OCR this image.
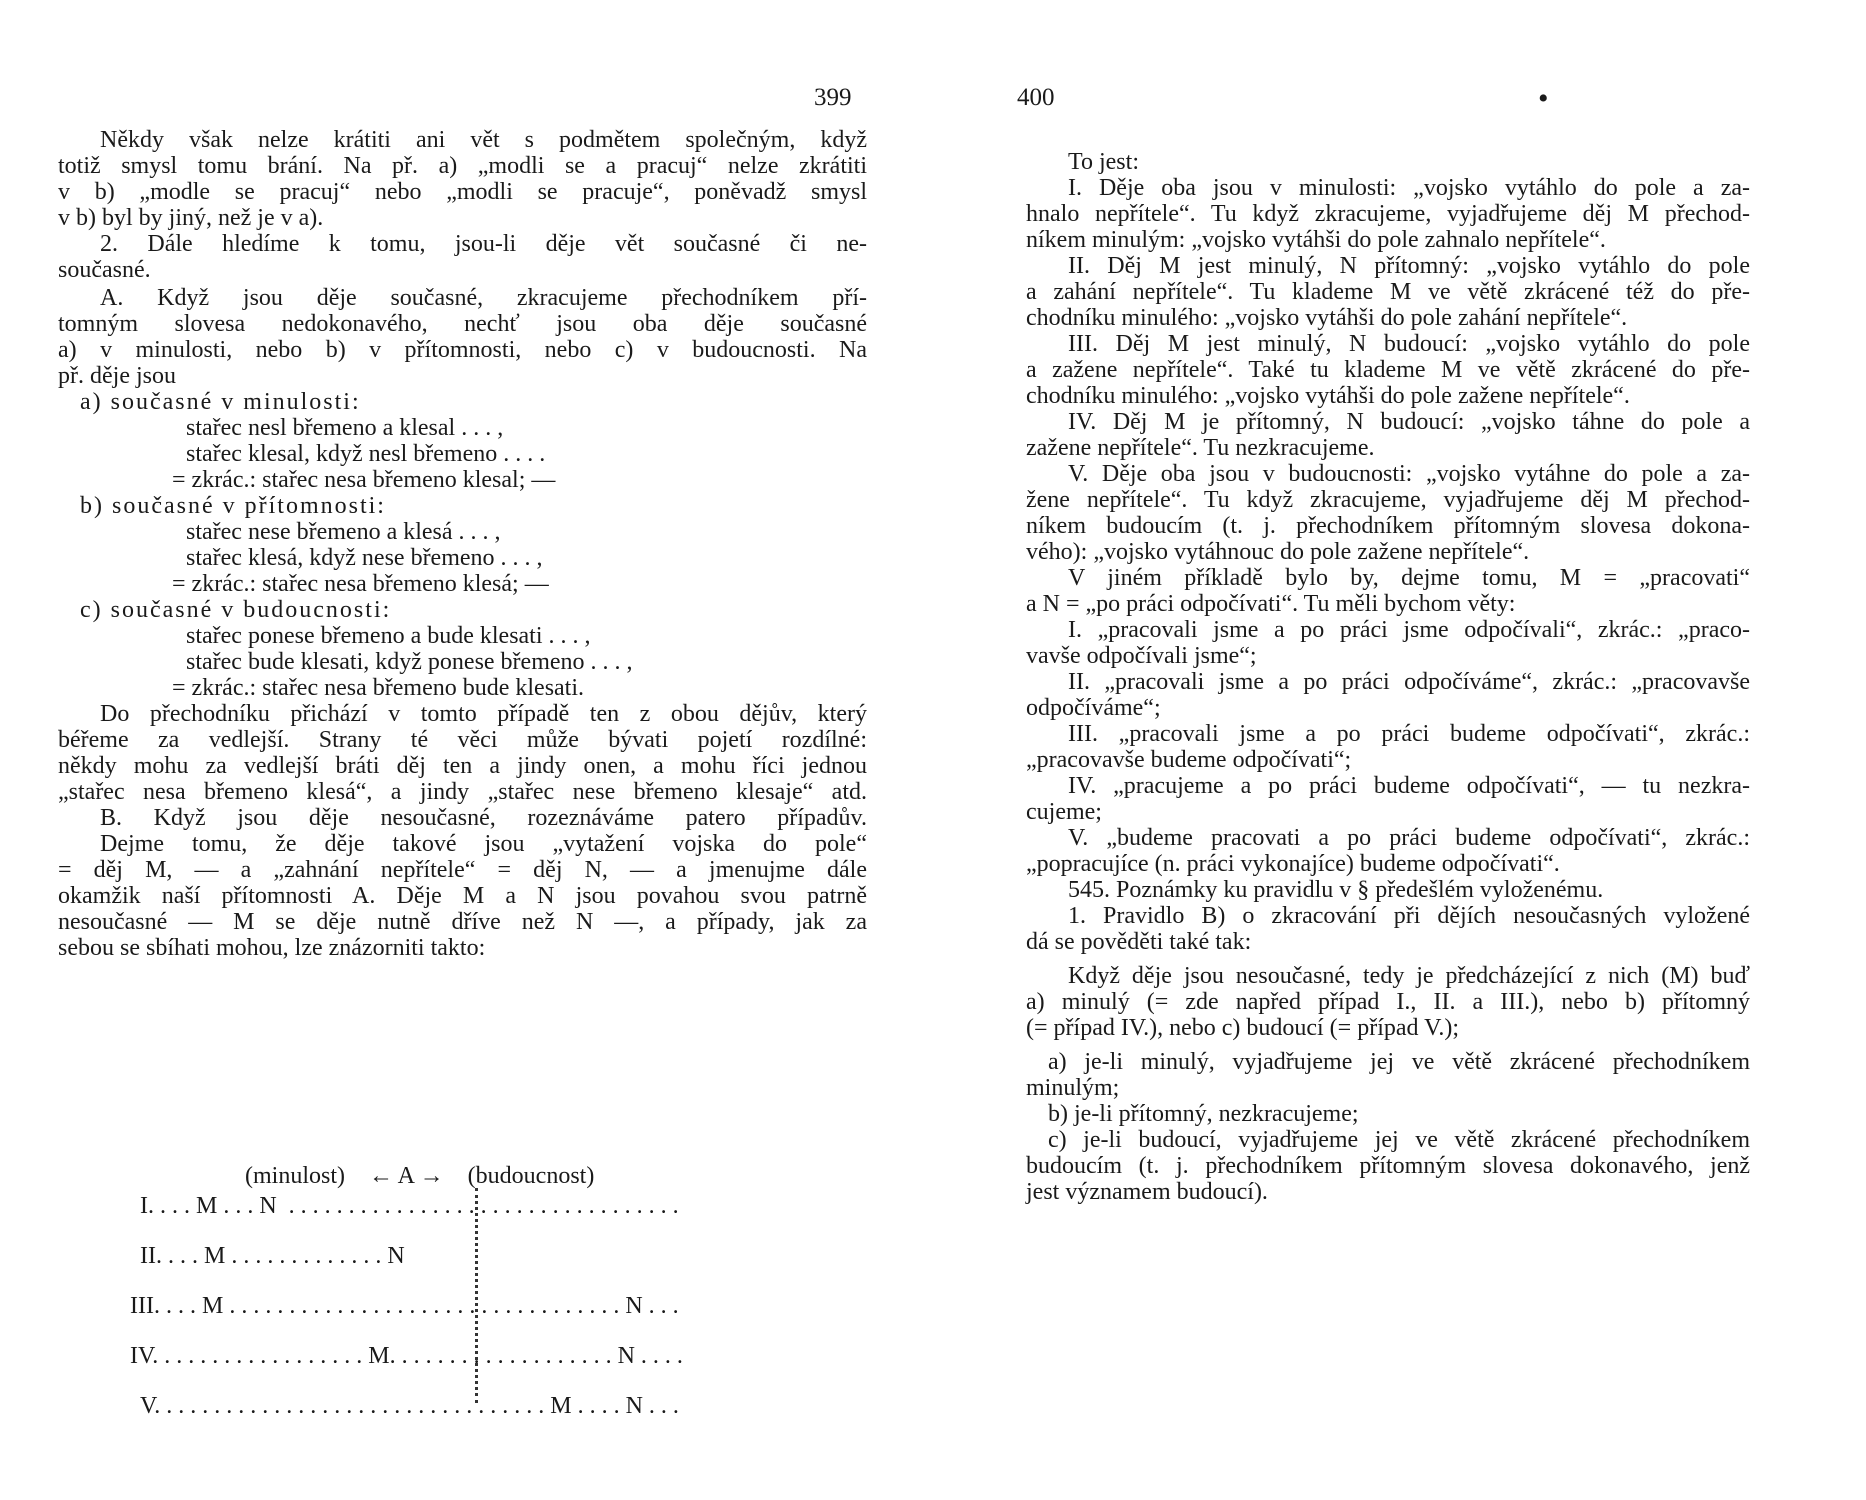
399
Někdy však nelze krátiti ani vět s podmětem společným, když
totiž smysl tomu brání. Na př. a) „modli se a pracuj“ nelze zkrátiti
v b) „modle se pracuj“ nebo „modli se pracuje“, poněvadž smysl
v b) byl by jiný, než je v a).
2. Dále hledíme k tomu, jsou-li děje vět současné či ne-
současné.
A. Když jsou děje současné, zkracujeme přechodníkem pří-
tomným slovesa nedokonavého, nechť jsou oba děje současné
a) v minulosti, nebo b) v přítomnosti, nebo c) v budoucnosti. Na
př. děje jsou
a) současné v minulosti:
stařec nesl břemeno a klesal . . . ,
stařec klesal, když nesl břemeno . . . .
= zkrác.: stařec nesa břemeno klesal; —
b) současné v přítomnosti:
stařec nese břemeno a klesá . . . ,
stařec klesá, když nese břemeno . . . ,
= zkrác.: stařec nesa břemeno klesá; —
c) současné v budoucnosti:
stařec ponese břemeno a bude klesati . . . ,
stařec bude klesati, když ponese břemeno . . . ,
= zkrác.: stařec nesa břemeno bude klesati.
Do přechodníku přichází v tomto případě ten z obou dějův, který
béřeme za vedlejší. Strany té věci může bývati pojetí rozdílné:
někdy mohu za vedlejší bráti děj ten a jindy onen, a mohu říci jednou
„stařec nesa břemeno klesá“, a jindy „stařec nese břemeno klesaje“ atd.
B. Když jsou děje nesoučasné, rozeznáváme patero případův.
Dejme tomu, že děje takové jsou „vytažení vojska do pole“
= děj M, — a „zahnání nepřítele“ = děj N, — a jmenujme dále
okamžik naší přítomnosti A. Děje M a N jsou povahou svou patrně
nesoučasné — M se děje nutně dříve než N —, a případy, jak za
sebou se sbíhati mohou, lze znázorniti takto:
(minulost)    ← A →    (budoucnost)
I. . . . M . . . N  . . . . . . . . . . . . . . . . . . . . . . . . . . . . . . . . .
II. . . . M . . . . . . . . . . . . . N
III. . . . M . . . . . . . . . . . . . . . . . . . . . . . . . . . . . . . . . N . . .
IV. . . . . . . . . . . . . . . . . . M. . . . . . . . . . . . . . . . . . . N . . . .
V. . . . . . . . . . . . . . . . . . . . . . . . . . . . . . . . . M . . . . N . . .
400	•
To jest:
I. Děje oba jsou v minulosti: „vojsko vytáhlo do pole a za-
hnalo nepřítele“. Tu když zkracujeme, vyjadřujeme děj M přechod-
níkem minulým: „vojsko vytáhši do pole zahnalo nepřítele“.
II. Děj M jest minulý, N přítomný: „vojsko vytáhlo do pole
a zahání nepřítele“. Tu klademe M ve větě zkrácené též do pře-
chodníku minulého: „vojsko vytáhši do pole zahání nepřítele“.
III. Děj M jest minulý, N budoucí: „vojsko vytáhlo do pole
a zažene nepřítele“. Také tu klademe M ve větě zkrácené do pře-
chodníku minulého: „vojsko vytáhši do pole zažene nepřítele“.
IV. Děj M je přítomný, N budoucí: „vojsko táhne do pole a
zažene nepřítele“. Tu nezkracujeme.
V. Děje oba jsou v budoucnosti: „vojsko vytáhne do pole a za-
žene nepřítele“. Tu když zkracujeme, vyjadřujeme děj M přechod-
níkem budoucím (t. j. přechodníkem přítomným slovesa dokona-
vého): „vojsko vytáhnouc do pole zažene nepřítele“.
V jiném příkladě bylo by, dejme tomu, M = „pracovati“
a N = „po práci odpočívati“. Tu měli bychom věty:
I. „pracovali jsme a po práci jsme odpočívali“, zkrác.: „praco-
vavše odpočívali jsme“;
II. „pracovali jsme a po práci odpočíváme“, zkrác.: „pracovavše
odpočíváme“;
III. „pracovali jsme a po práci budeme odpočívati“, zkrác.:
„pracovavše budeme odpočívati“;
IV. „pracujeme a po práci budeme odpočívati“, — tu nezkra-
cujeme;
V. „budeme pracovati a po práci budeme odpočívati“, zkrác.:
„popracujíce (n. práci vykonajíce) budeme odpočívati“.
545. Poznámky ku pravidlu v § předešlém vyloženému.
1. Pravidlo B) o zkracování při dějích nesoučasných vyložené
dá se pověděti také tak:
Když děje jsou nesoučasné, tedy je předcházející z nich (M) buď
a) minulý (= zde napřed případ I., II. a III.), nebo b) přítomný
(= případ IV.), nebo c) budoucí (= případ V.);
a) je-li minulý, vyjadřujeme jej ve větě zkrácené přechodníkem
minulým;
b) je-li přítomný, nezkracujeme;
c) je-li budoucí, vyjadřujeme jej ve větě zkrácené přechodníkem
budoucím (t. j. přechodníkem přítomným slovesa dokonavého, jenž
jest významem budoucí).
